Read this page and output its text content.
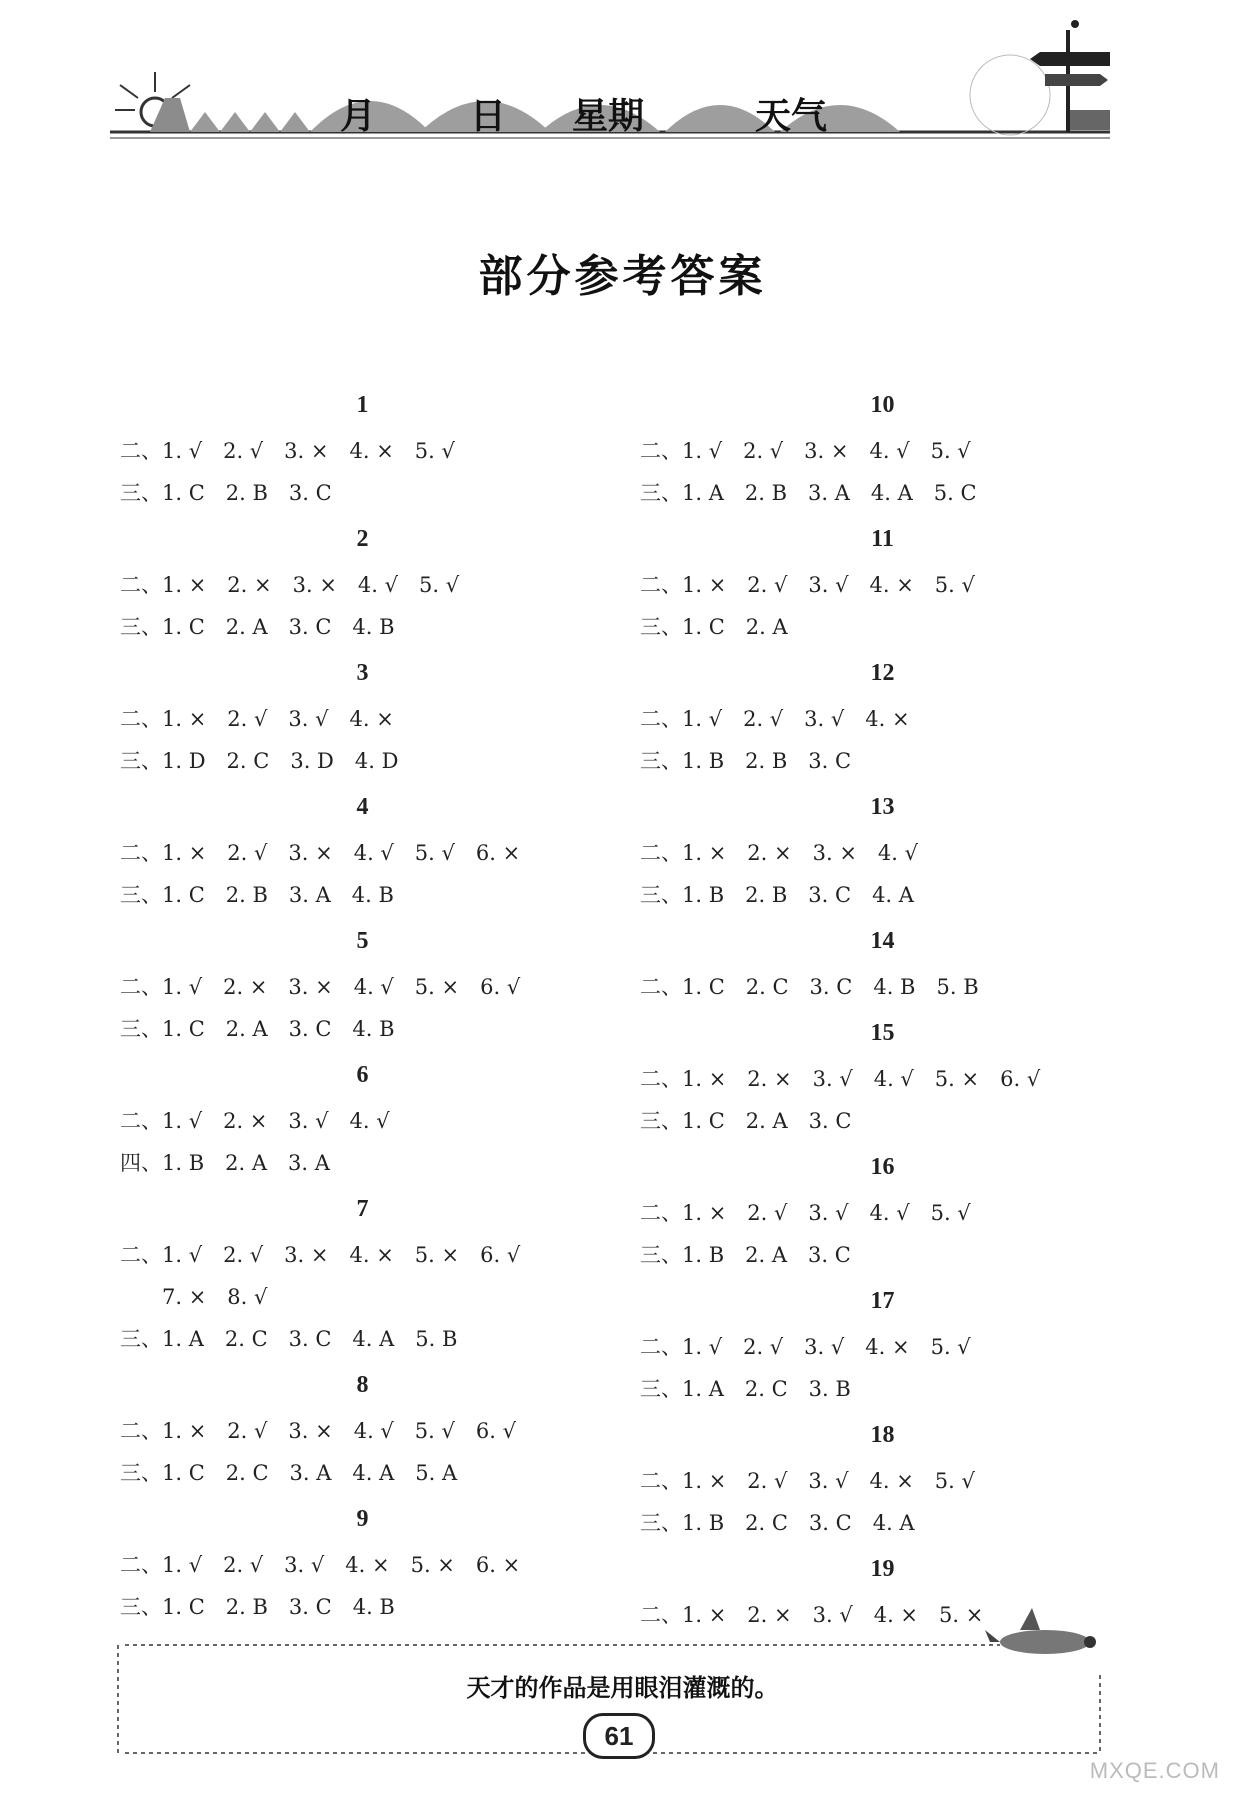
月	日 星期	天气
部分参考答案
1
二、1. √　2. √　3. ×　4. ×　5. √
三、1. C　2. B　3. C
2
二、1. ×　2. ×　3. ×　4. √　5. √
三、1. C　2. A　3. C　4. B
3
二、1. ×　2. √　3. √　4. ×
三、1. D　2. C　3. D　4. D
4
二、1. ×　2. √　3. ×　4. √　5. √　6. ×
三、1. C　2. B　3. A　4. B
5
二、1. √　2. ×　3. ×　4. √　5. ×　6. √
三、1. C　2. A　3. C　4. B
6
二、1. √　2. ×　3. √　4. √
四、1. B　2. A　3. A
7
二、1. √　2. √　3. ×　4. ×　5. ×　6. √
7. ×　8. √
三、1. A　2. C　3. C　4. A　5. B
8
二、1. ×　2. √　3. ×　4. √　5. √　6. √
三、1. C　2. C　3. A　4. A　5. A
9
二、1. √　2. √　3. √　4. ×　5. ×　6. ×
三、1. C　2. B　3. C　4. B
10
二、1. √　2. √　3. ×　4. √　5. √
三、1. A　2. B　3. A　4. A　5. C
11
二、1. ×　2. √　3. √　4. ×　5. √
三、1. C　2. A
12
二、1. √　2. √　3. √　4. ×
三、1. B　2. B　3. C
13
二、1. ×　2. ×　3. ×　4. √
三、1. B　2. B　3. C　4. A
14
二、1. C　2. C　3. C　4. B　5. B
15
二、1. ×　2. ×　3. √　4. √　5. ×　6. √
三、1. C　2. A　3. C
16
二、1. ×　2. √　3. √　4. √　5. √
三、1. B　2. A　3. C
17
二、1. √　2. √　3. √　4. ×　5. √
三、1. A　2. C　3. B
18
二、1. ×　2. √　3. √　4. ×　5. √
三、1. B　2. C　3. C　4. A
19
二、1. ×　2. ×　3. √　4. ×　5. ×
天才的作品是用眼泪灌溉的。
61
MXQE.COM
